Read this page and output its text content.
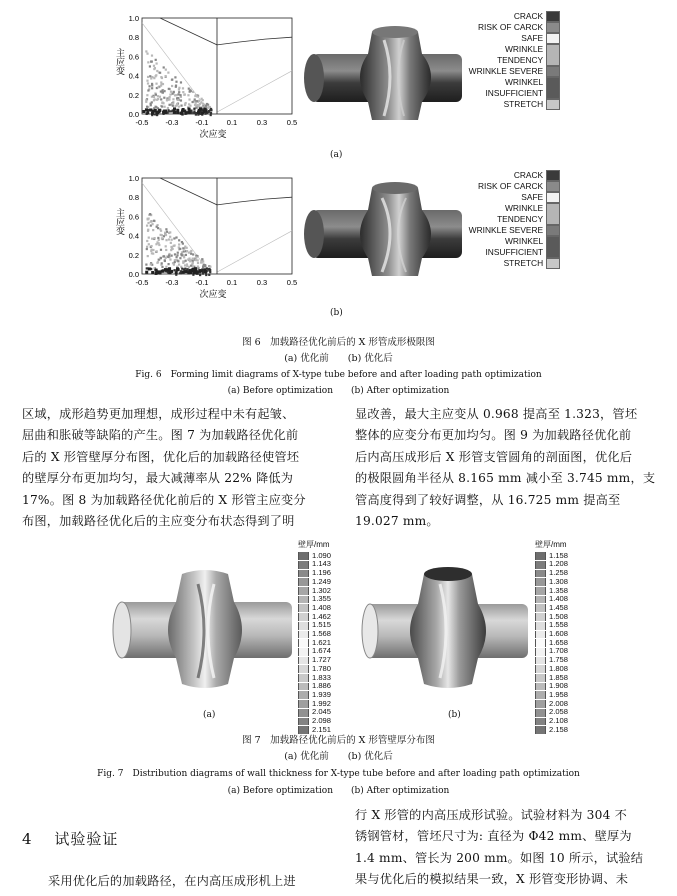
1.0
0.8
0.6
0.4
0.2
0.0
-0.5 -0.3 -0.1 0.1	0.3	0.5
主应变
次应变
1.0
0.8
0.6
0.4
0.2
0.0
-0.5 -0.3 -0.1 0.1	0.3	0.5
主应变
次应变
CRACK
RISK OF CARCK
SAFE
WRINKLE TENDENCY
WRINKLE SEVERE
WRINKEL INSUFFICIENT
STRETCH
CRACK
RISK OF CARCK
SAFE
WRINKLE TENDENCY
WRINKLE SEVERE
WRINKEL INSUFFICIENT
STRETCH
(a)
(b)
图 6　加载路径优化前后的 X 形管成形极限图
(a) 优化前　　(b) 优化后
Fig. 6　Forming limit diagrams of X-type tube before and after loading path optimization
(a) Before optimization　　(b) After optimization
区域，成形趋势更加理想，成形过程中未有起皱、
屈曲和胀破等缺陷的产生。图 7 为加载路径优化前
后的 X 形管壁厚分布图，优化后的加载路径使管坯
的壁厚分布更加均匀，最大减薄率从 22% 降低为
17%。图 8 为加载路径优化前后的 X 形管主应变分
布图，加载路径优化后的主应变分布状态得到了明
显改善，最大主应变从 0.968 提高至 1.323，管坯
整体的应变分布更加均匀。图 9 为加载路径优化前
后内高压成形后 X 形管支管圆角的剖面图，优化后
的极限圆角半径从 8.165 mm 减小至 3.745 mm，支
管高度得到了较好调整，从 16.725 mm 提高至
19.027 mm。
壁厚/mm
1.090
1.143
1.196
1.249
1.302
1.355
1.408
1.462
1.515
1.568
1.621
1.674
1.727
1.780
1.833
1.886
1.939
1.992
2.045
2.098
2.151
壁厚/mm
1.158
1.208
1.258
1.308
1.358
1.408
1.458
1.508
1.558
1.608
1.658
1.708
1.758
1.808
1.858
1.908
1.958
2.008
2.058
2.108
2.158
(a)	(b)
图 7　加载路径优化前后的 X 形管壁厚分布图
(a) 优化前　　(b) 优化后
Fig. 7　Distribution diagrams of wall thickness for X-type tube before and after loading path optimization
(a) Before optimization　　(b) After optimization
4 试验验证
采用优化后的加载路径，在内高压成形机上进
行 X 形管的内高压成形试验。试验材料为 304 不
锈钢管材，管坯尺寸为: 直径为 Φ42 mm、壁厚为
1.4 mm、管长为 200 mm。如图 10 所示，试验结
果与优化后的模拟结果一致，X 形管变形协调、未
